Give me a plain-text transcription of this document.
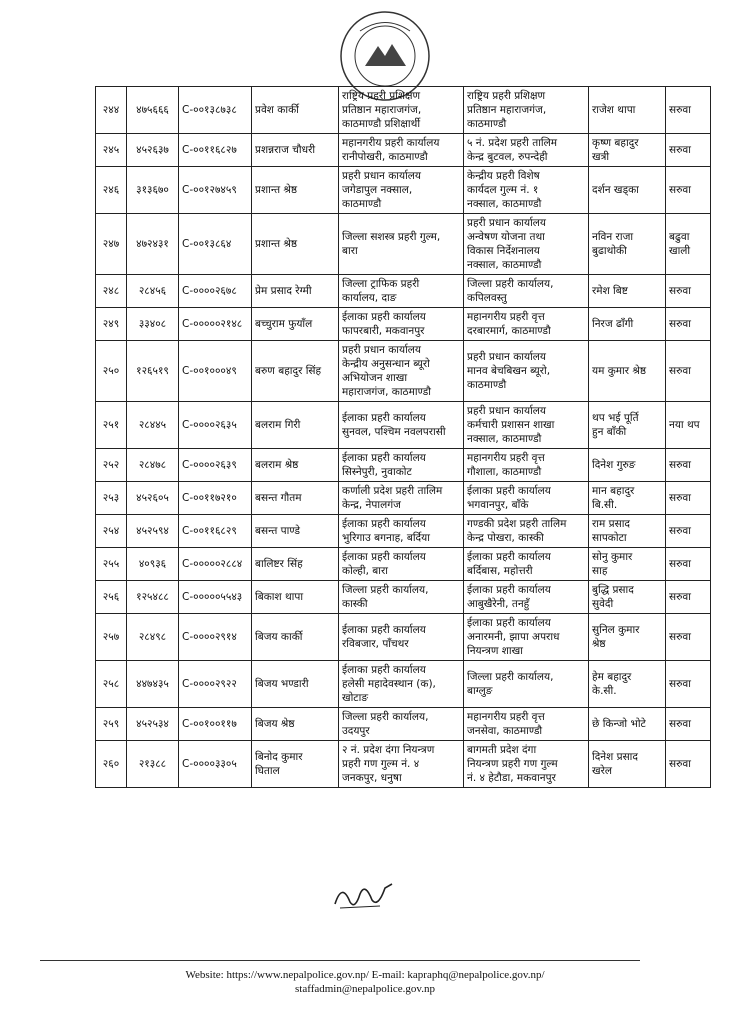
२४४	४७५६६६	C-००१३८७३८	प्रवेश कार्की	राष्ट्रिय प्रहरी प्रशिक्षण
प्रतिष्ठान महाराजगंज,
काठमाण्डौ प्रशिक्षार्थी	राष्ट्रिय प्रहरी प्रशिक्षण
प्रतिष्ठान महाराजगंज,
काठमाण्डौ	राजेश थापा	सरुवा
२४५	४५२६३७	C-००११६८२७	प्रशन्नराज चौधरी	महानगरीय प्रहरी कार्यालय
रानीपोखरी, काठमाण्डौ	५ नं. प्रदेश प्रहरी तालिम
केन्द्र बुटवल, रुपन्देही	कृष्ण बहादुर
खत्री	सरुवा
२४६	३१३६७०	C-००१२७४५९	प्रशान्त श्रेष्ठ	प्रहरी प्रधान कार्यालय
जगेडापुल नक्साल,
काठमाण्डौ	केन्द्रीय प्रहरी विशेष
कार्यदल गुल्म नं. १
नक्साल, काठमाण्डौ	दर्शन खड्का	सरुवा
२४७	४७२४३१	C-००१३८६४	प्रशान्त श्रेष्ठ	जिल्ला सशस्त्र प्रहरी गुल्म,
बारा	प्रहरी प्रधान कार्यालय
अन्वेषण योजना तथा
विकास निर्देशनालय
नक्साल, काठमाण्डौ	नविन राजा
बुढाथोकी	बढुवा
खाली
२४८	२८४५६	C-००००२६७८	प्रेम प्रसाद रेग्मी	जिल्ला ट्राफिक प्रहरी
कार्यालय, दाङ	जिल्ला प्रहरी कार्यालय,
कपिलवस्तु	रमेश बिष्ट	सरुवा
२४९	३३४०८	C-०००००२१४८	बच्चुराम फुयाँल	ईलाका प्रहरी कार्यालय
फापरबारी, मकवानपुर	महानगरीय प्रहरी वृत्त
दरबारमार्ग, काठमाण्डौ	निरज ढाँगी	सरुवा
२५०	१२६५१९	C-००१०००४९	बरुण बहादुर सिंह	प्रहरी प्रधान कार्यालय
केन्द्रीय अनुसन्धान ब्यूरो
अभियोजन शाखा
महाराजगंज, काठमाण्डौ	प्रहरी प्रधान कार्यालय
मानव बेचबिखन ब्यूरो,
काठमाण्डौ	यम कुमार श्रेष्ठ	सरुवा
२५१	२८४४५	C-००००२६३५	बलराम गिरी	ईलाका प्रहरी कार्यालय
सुनवल, पश्चिम नवलपरासी	प्रहरी प्रधान कार्यालय
कर्मचारी प्रशासन शाखा
नक्साल, काठमाण्डौ	थप भई पूर्ति
हुन बाँकी	नया थप
२५२	२८४७८	C-००००२६३९	बलराम श्रेष्ठ	ईलाका प्रहरी कार्यालय
सिस्नेपुरी, नुवाकोट	महानगरीय प्रहरी वृत्त
गौशाला, काठमाण्डौ	दिनेश गुरुङ	सरुवा
२५३	४५२६०५	C-००११७२१०	बसन्त गौतम	कर्णाली प्रदेश प्रहरी तालिम
केन्द्र, नेपालगंज	ईलाका प्रहरी कार्यालय
भगवानपुर, बाँके	मान बहादुर
बि.सी.	सरुवा
२५४	४५२५९४	C-००११६८२९	बसन्त पाण्डे	ईलाका प्रहरी कार्यालय
भुरिगाउ बगनाह, बर्दिया	गण्डकी प्रदेश प्रहरी तालिम
केन्द्र पोखरा, कास्की	राम प्रसाद
सापकोटा	सरुवा
२५५	४०९३६	C-०००००२८८४	बालिष्टर सिंह	ईलाका प्रहरी कार्यालय
कोल्ही, बारा	ईलाका प्रहरी कार्यालय
बर्दिबास, महोत्तरी	सोनु कुमार
साह	सरुवा
२५६	१२५४८८	C-०००००५५४३	बिकाश थापा	जिल्ला प्रहरी कार्यालय,
कास्की	ईलाका प्रहरी कार्यालय
आबुखैरेनी, तनहुँ	बुद्धि प्रसाद
सुवेदी	सरुवा
२५७	२८४९८	C-००००२९१४	बिजय कार्की	ईलाका प्रहरी कार्यालय
रविबजार, पाँचथर	ईलाका प्रहरी कार्यालय
अनारमनी, झापा अपराध
नियन्त्रण शाखा	सुनिल कुमार
श्रेष्ठ	सरुवा
२५८	४४७४३५	C-००००२९२२	बिजय भण्डारी	ईलाका प्रहरी कार्यालय
हलेसी महादेवस्थान (क),
खोटाङ	जिल्ला प्रहरी कार्यालय,
बाग्लुङ	हेम बहादुर
के.सी.	सरुवा
२५९	४५२५३४	C-००१००११७	बिजय श्रेष्ठ	जिल्ला प्रहरी कार्यालय,
उदयपुर	महानगरीय प्रहरी वृत्त
जनसेवा, काठमाण्डौ	छे किन्जो भोटे	सरुवा
२६०	२१३८८	C-००००३३०५	बिनोद कुमार
घिताल	२ नं. प्रदेश दंगा नियन्त्रण
प्रहरी गण गुल्म नं. ४
जनकपुर, धनुषा	बागमती प्रदेश दंगा
नियन्त्रण प्रहरी गण गुल्म
नं. ४ हेटौडा, मकवानपुर	दिनेश प्रसाद
खरेल	सरुवा
Website: https://www.nepalpolice.gov.np/ E-mail: kapraphq@nepalpolice.gov.np/
staffadmin@nepalpolice.gov.np
